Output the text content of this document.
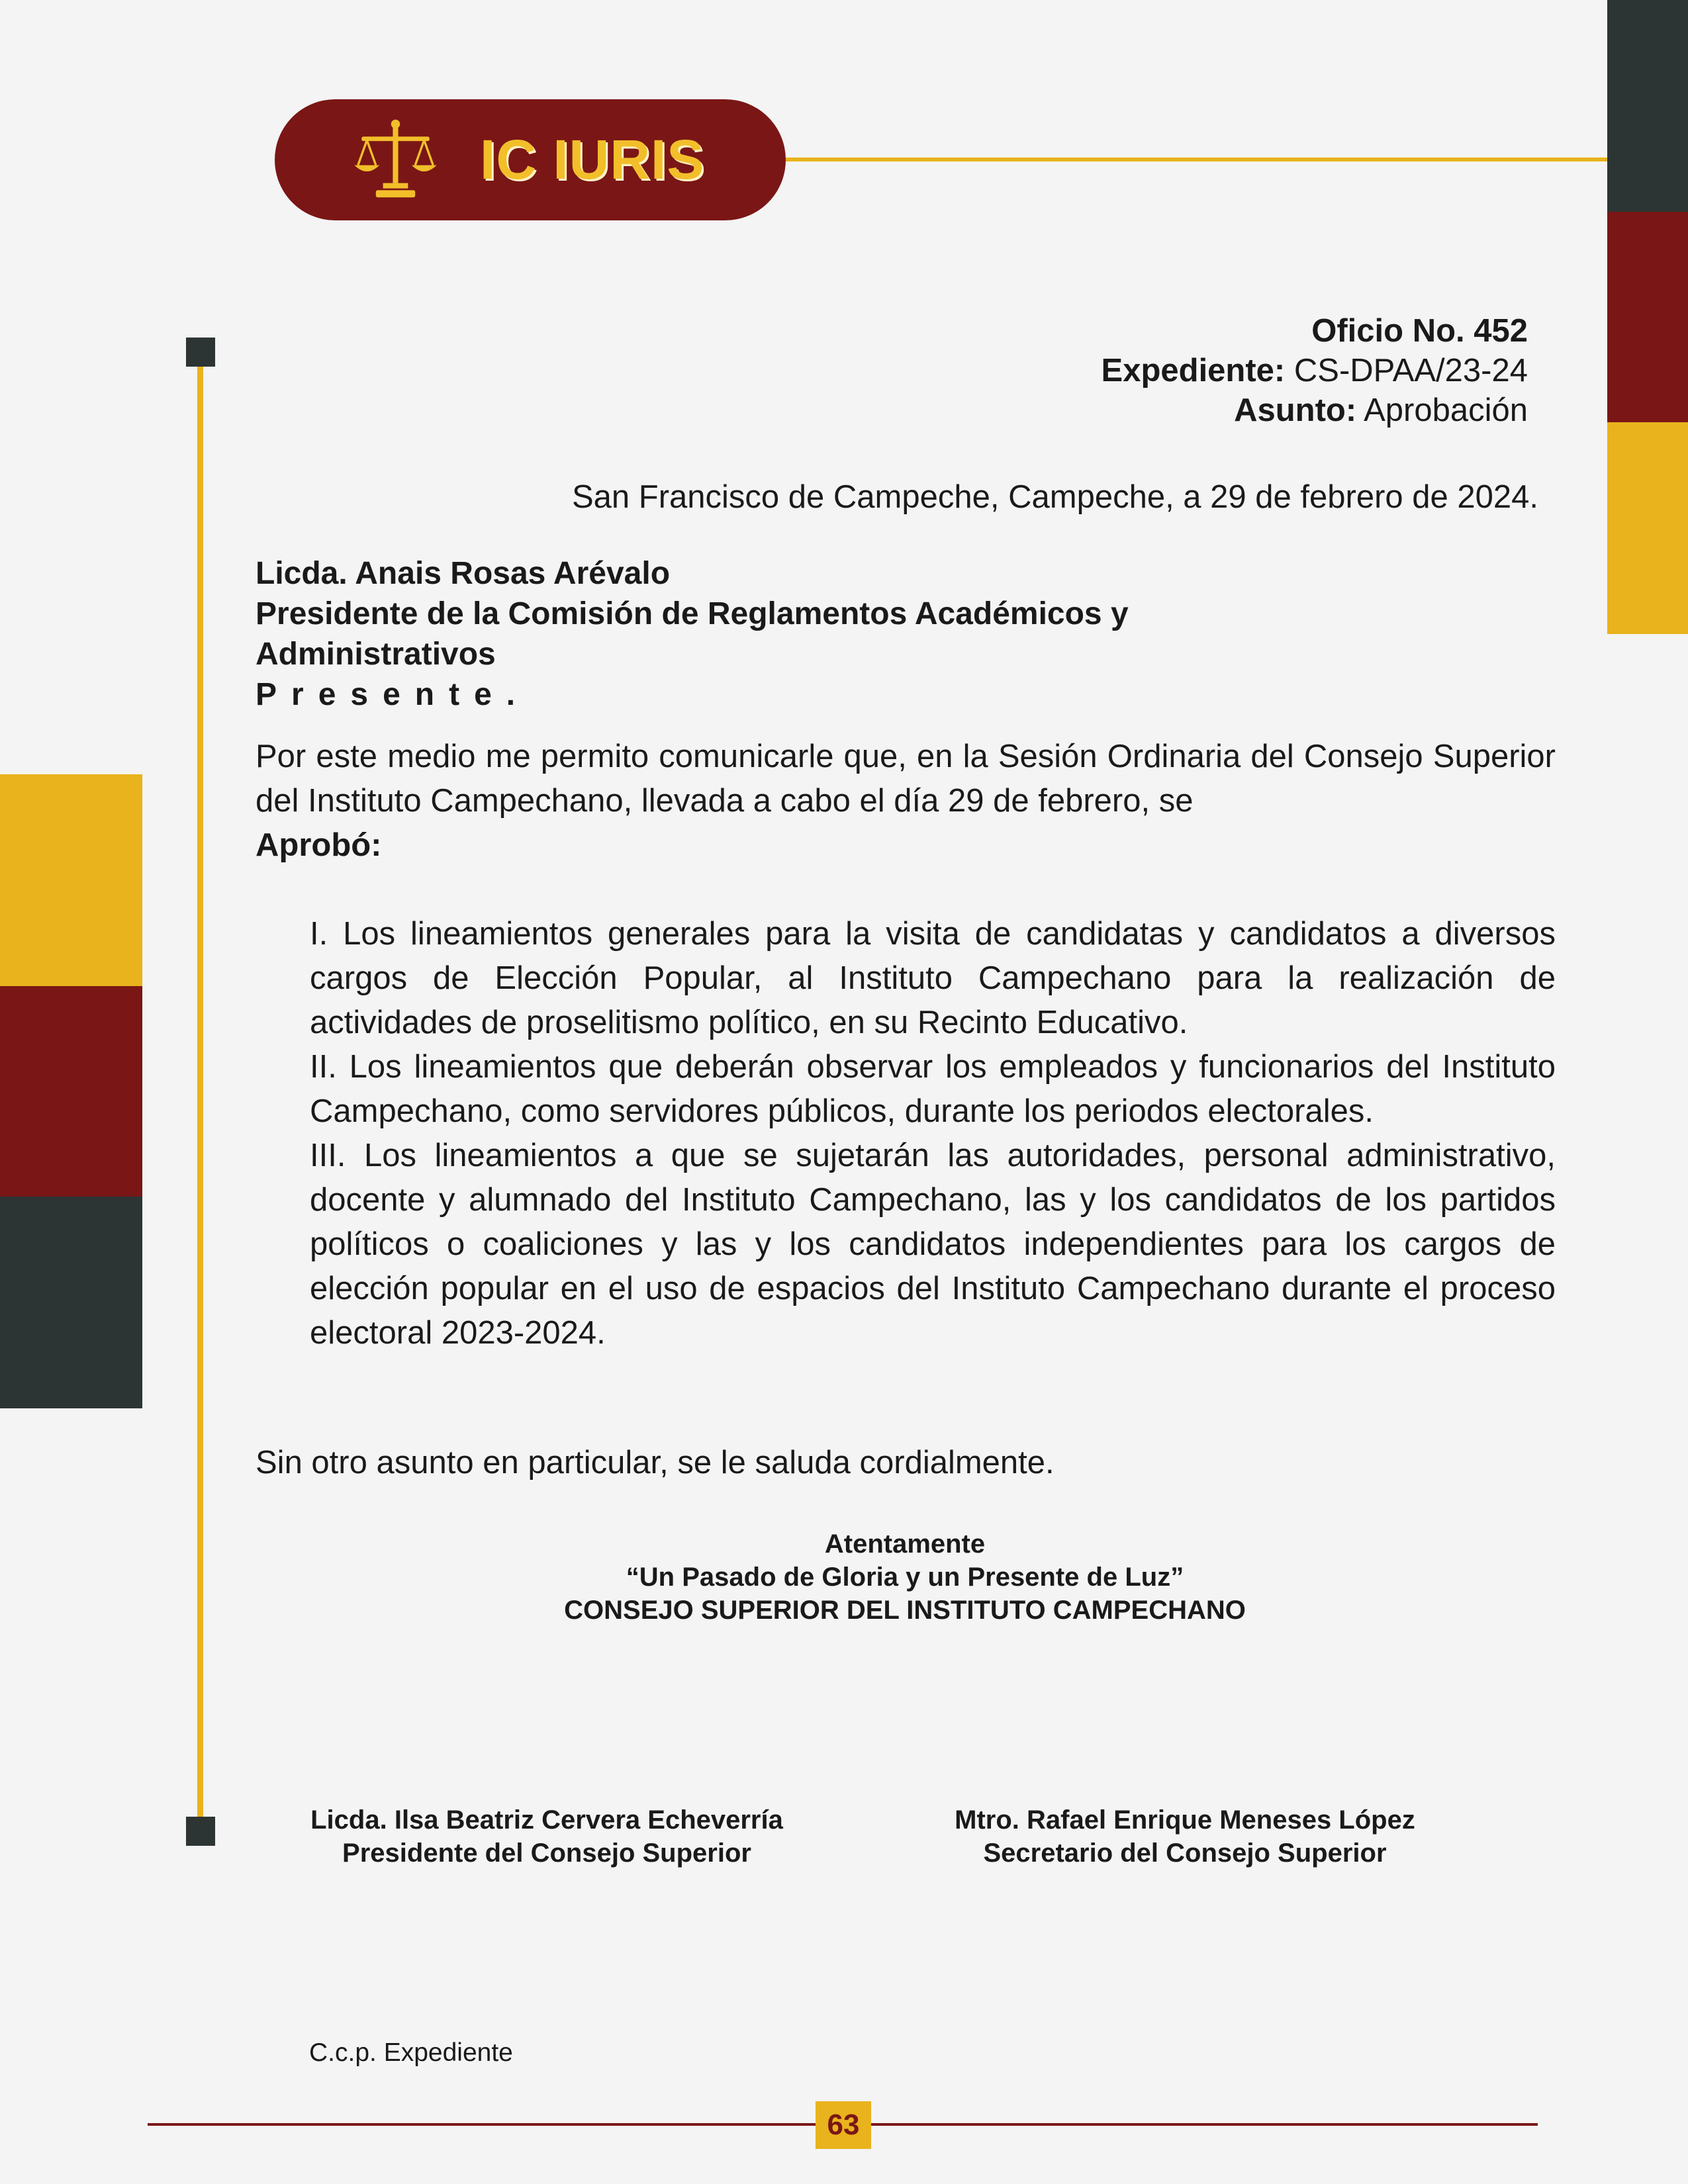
IC IURIS
Oficio No. 452
Expediente: CS-DPAA/23-24
Asunto: Aprobación
San Francisco de Campeche, Campeche, a 29 de febrero de 2024.
Licda. Anais Rosas Arévalo
Presidente de la Comisión de Reglamentos Académicos y Administrativos
Presente.
Por este medio me permito comunicarle que, en la Sesión Ordinaria del Consejo Superior del Instituto Campechano, llevada a cabo el día 29 de febrero, se
Aprobó:

I. Los lineamientos generales para la visita de candidatas y candidatos a diversos cargos de Elección Popular, al Instituto Campechano para la realización de actividades de proselitismo político, en su Recinto Educativo.

II. Los lineamientos que deberán observar los empleados y funcionarios del Instituto Campechano, como servidores públicos, durante los periodos electorales.

III. Los lineamientos a que se sujetarán las autoridades, personal administrativo, docente y alumnado del Instituto Campechano, las y los candidatos de los partidos políticos o coaliciones y las y los candidatos independientes para los cargos de elección popular en el uso de espacios del Instituto Campechano durante el proceso electoral 2023-2024.

Sin otro asunto en particular, se le saluda cordialmente.
Atentamente
“Un Pasado de Gloria y un Presente de Luz”
CONSEJO SUPERIOR DEL INSTITUTO CAMPECHANO
Licda. Ilsa Beatriz Cervera Echeverría
Presidente del Consejo Superior
Mtro. Rafael Enrique Meneses López
Secretario del Consejo Superior
C.c.p. Expediente
63
